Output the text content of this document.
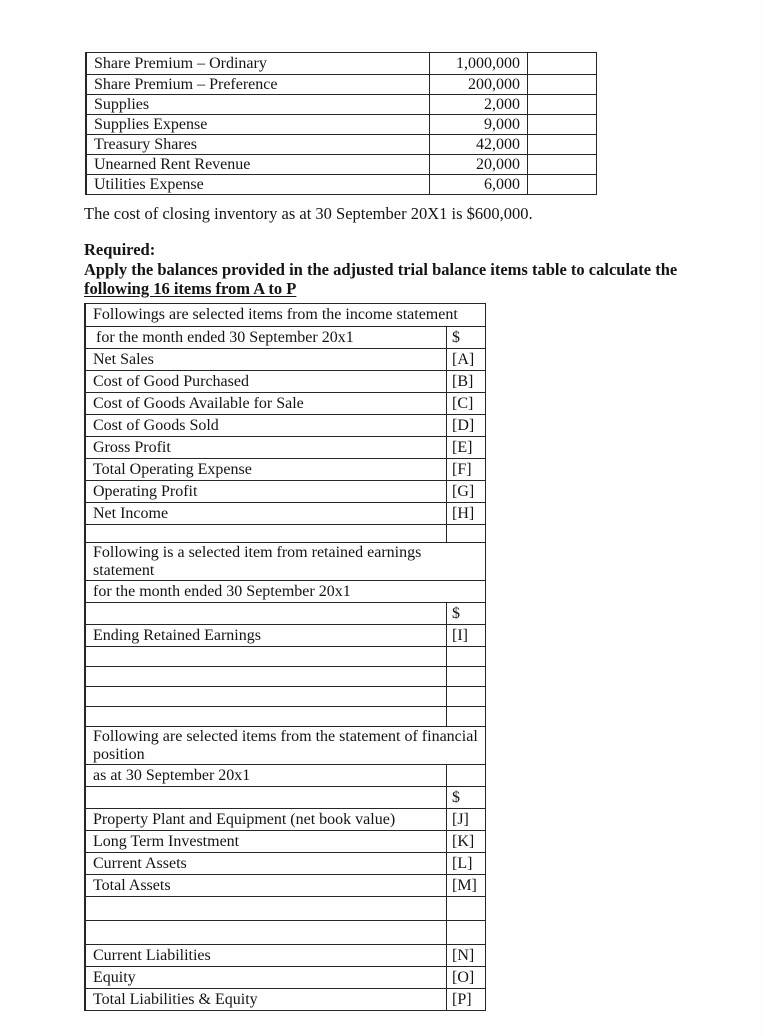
Share Premium – Ordinary	1,000,000
Share Premium – Preference	200,000
Supplies	2,000
Supplies Expense	9,000
Treasury Shares	42,000
Unearned Rent Revenue	20,000
Utilities Expense	6,000
The cost of closing inventory as at 30 September 20X1 is $600,000.
Required:
Apply the balances provided in the adjusted trial balance items table to calculate the
following 16 items from A to P
Followings are selected items from the income statement
for the month ended 30 September 20x1	$
Net Sales	[A]
Cost of Good Purchased	[B]
Cost of Goods Available for Sale	[C]
Cost of Goods Sold	[D]
Gross Profit	[E]
Total Operating Expense	[F]
Operating Profit	[G]
Net Income	[H]
Following is a selected item from retained earnings statement
for the month ended 30 September 20x1
$
Ending Retained Earnings	[I]
Following are selected items from the statement of financial position
as at 30 September 20x1
$
Property Plant and Equipment (net book value)	[J]
Long Term Investment	[K]
Current Assets	[L]
Total Assets	[M]
Current Liabilities	[N]
Equity	[O]
Total Liabilities & Equity	[P]
